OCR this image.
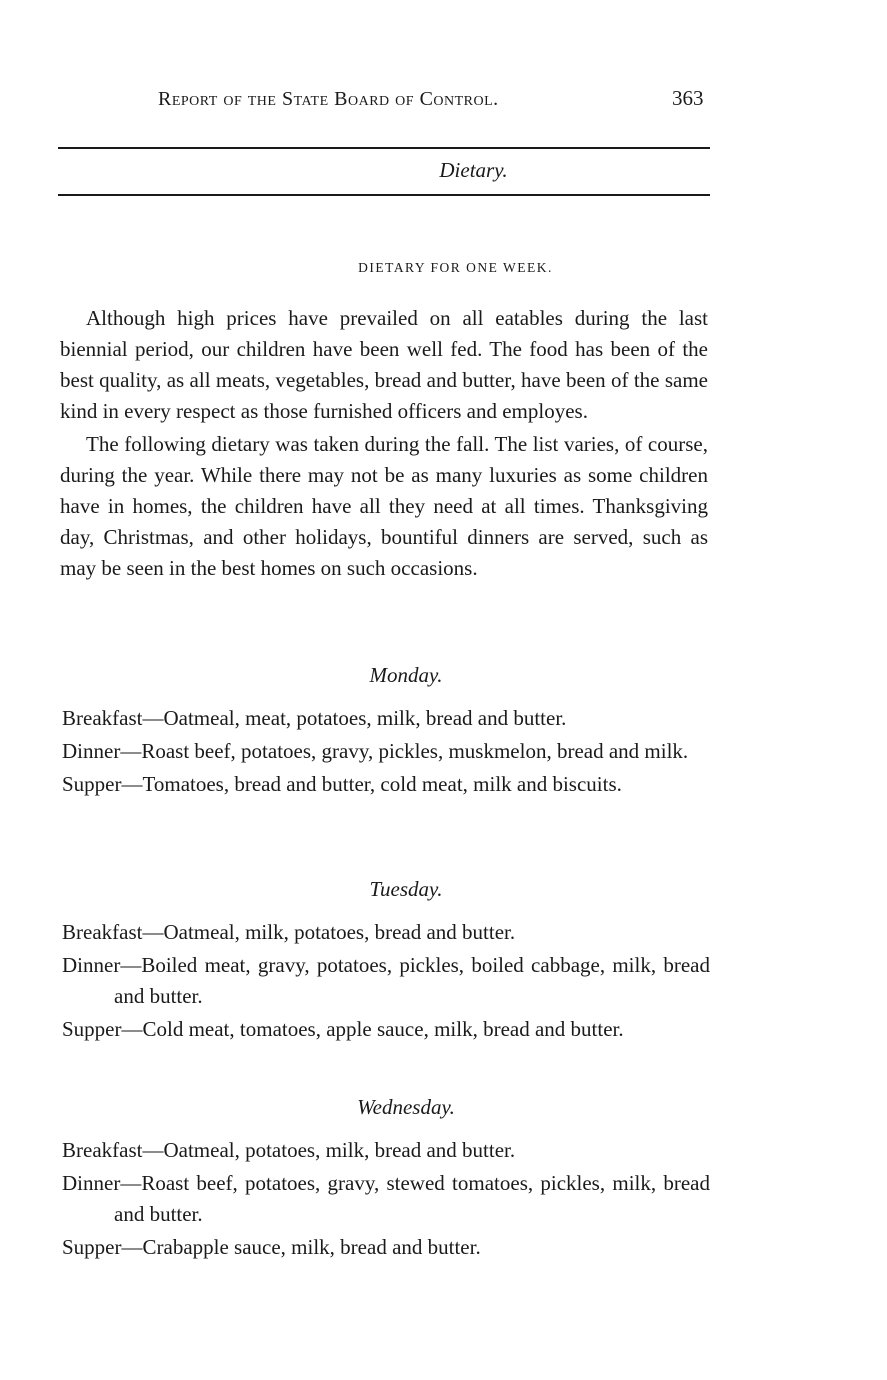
Report of the State Board of Control.	363
Dietary.
DIETARY FOR ONE WEEK.

Although high prices have prevailed on all eatables during the last biennial period, our children have been well fed. The food has been of the best quality, as all meats, vegetables, bread and butter, have been of the same kind in every respect as those furnished officers and employes.

The following dietary was taken during the fall. The list varies, of course, during the year. While there may not be as many luxuries as some children have in homes, the children have all they need at all times. Thanksgiving day, Christmas, and other holidays, bountiful dinners are served, such as may be seen in the best homes on such occasions.

Monday.

Breakfast—Oatmeal, meat, potatoes, milk, bread and butter.

Dinner—Roast beef, potatoes, gravy, pickles, muskmelon, bread and milk.

Supper—Tomatoes, bread and butter, cold meat, milk and biscuits.

Tuesday.

Breakfast—Oatmeal, milk, potatoes, bread and butter.

Dinner—Boiled meat, gravy, potatoes, pickles, boiled cabbage, milk, bread and butter.

Supper—Cold meat, tomatoes, apple sauce, milk, bread and butter.

Wednesday.

Breakfast—Oatmeal, potatoes, milk, bread and butter.

Dinner—Roast beef, potatoes, gravy, stewed tomatoes, pickles, milk, bread and butter.

Supper—Crabapple sauce, milk, bread and butter.
